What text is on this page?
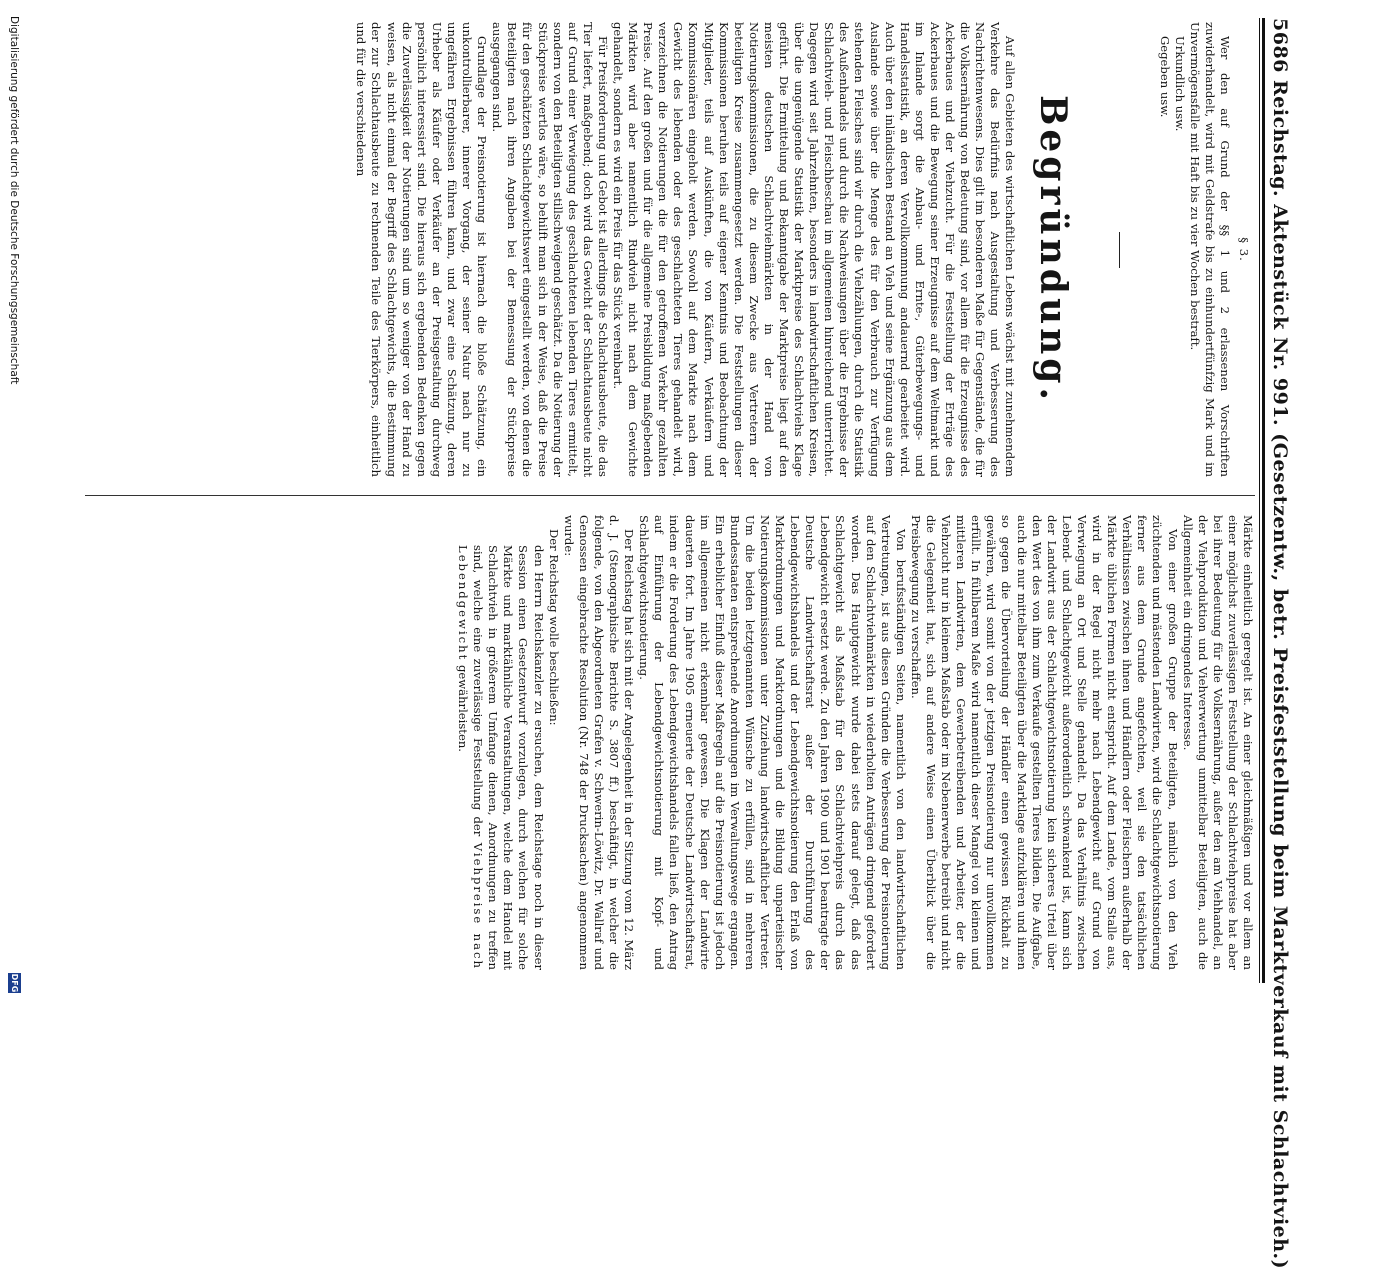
5686 Reichstag. Aktenstück Nr. 991. (Gesetzentw., betr. Preisfeststellung beim Marktverkauf mit Schlachtvieh.)

§ 3.

Wer den auf Grund der §§ 1 und 2 erlassenen Vorschriften zuwiderhandelt, wird mit Geldstrafe bis zu einhundertfünfzig Mark und im Unvermögensfalle mit Haft bis zu vier Wochen bestraft.

Urkundlich usw.

Gegeben usw.

Begründung.

Auf allen Gebieten des wirtschaftlichen Lebens wächst mit zunehmendem Verkehre das Bedürfnis nach Ausgestaltung und Verbesserung des Nachrichtenwesens. Dies gilt im besonderen Maße für Gegenstände, die für die Volksernährung von Bedeutung sind, vor allem für die Erzeugnisse des Ackerbaues und der Viehzucht. Für die Feststellung der Erträge des Ackerbaues und die Bewegung seiner Erzeugnisse auf dem Weltmarkt und im Inlande sorgt die Anbau- und Ernte-, Güterbewegungs- und Handelsstatistik, an deren Vervollkommnung andauernd gearbeitet wird. Auch über den inländischen Bestand an Vieh und seine Ergänzung aus dem Auslande sowie über die Menge des für den Verbrauch zur Verfügung stehenden Fleisches sind wir durch die Viehzählungen, durch die Statistik des Außenhandels und durch die Nachweisungen über die Ergebnisse der Schlachtvieh- und Fleischbeschau im allgemeinen hinreichend unterrichtet. Dagegen wird seit Jahrzehnten, besonders in landwirtschaftlichen Kreisen, über die ungenügende Statistik der Marktpreise des Schlachtviehs Klage geführt. Die Ermittelung und Bekanntgabe der Marktpreise liegt auf den meisten deutschen Schlachtviehmärkten in der Hand von Notierungskommissionen, die zu diesem Zwecke aus Vertretern der beteiligten Kreise zusammengesetzt werden. Die Feststellungen dieser Kommissionen beruhen teils auf eigener Kenntnis und Beobachtung der Mitglieder, teils auf Auskünften, die von Käufern, Verkäufern und Kommissionären eingeholt werden. Sowohl auf dem Markte nach dem Gewicht des lebenden oder des geschlachteten Tieres gehandelt wird, verzeichnen die Notierungen die für den getroffenen Verkehr gezahlten Preise. Auf den großen und für die allgemeine Preisbildung maßgebenden Märkten wird aber namentlich Rindvieh nicht nach dem Gewichte gehandelt, sondern es wird ein Preis für das Stück vereinbart.

Für Preisforderung und Gebot ist allerdings die Schlachtausbeute, die das Tier liefert, maßgebend; doch wird das Gewicht der Schlachtausbeute nicht auf Grund einer Verwiegung des geschlachteten lebenden Tieres ermittelt, sondern von den Beteiligten stillschweigend geschätzt. Da die Notierung der Stückpreise wertlos wäre, so behilft man sich in der Weise, daß die Preise für den geschätzten Schlachtgewichtswert eingestellt werden, von denen die Beteiligten nach ihren Angaben bei der Bemessung der Stückpreise ausgegangen sind.

Grundlage der Preisnotierung ist hiernach die bloße Schätzung, ein unkontrollierbarer, innerer Vorgang, der seiner Natur nach nur zu ungefähren Ergebnissen führen kann, und zwar eine Schätzung, deren Urheber als Käufer oder Verkäufer an der Preisgestaltung durchweg persönlich interessiert sind. Die hieraus sich ergebenden Bedenken gegen die Zuverlässigkeit der Notierungen sind um so weniger von der Hand zu weisen, als nicht einmal der Begriff des Schlachtgewichts, die Bestimmung der zur Schlachtausbeute zu rechnenden Teile des Tierkörpers, einheitlich und für die verschiedenen

Märkte einheitlich geregelt ist. An einer gleichmäßigen und vor allem an einer möglichst zuverlässigen Feststellung der Schlachtviehpreise hat aber bei ihrer Bedeutung für die Volksernährung, außer den am Viehhandel, an der Viehproduktion und Viehverwertung unmittelbar Beteiligten, auch die Allgemeinheit ein dringendes Interesse.

Von einer großen Gruppe der Beteiligten, nämlich von den Vieh züchtenden und mästenden Landwirten, wird die Schlachtgewichtsnotierung ferner aus dem Grunde angefochten, weil sie den tatsächlichen Verhältnissen zwischen ihnen und Händlern oder Fleischern außerhalb der Märkte üblichen Formen nicht entspricht. Auf dem Lande, vom Stalle aus, wird in der Regel nicht mehr nach Lebendgewicht auf Grund von Verwiegung an Ort und Stelle gehandelt. Da das Verhältnis zwischen Lebend- und Schlachtgewicht außerordentlich schwankend ist, kann sich der Landwirt aus der Schlachtgewichtsnotierung kein sicheres Urteil über den Wert des von ihm zum Verkaufe gestellten Tieres bilden. Die Aufgabe, auch die nur mittelbar Beteiligten über die Marktlage aufzuklären und ihnen so gegen die Übervorteilung der Händler einen gewissen Rückhalt zu gewähren, wird somit von der jetzigen Preisnotierung nur unvollkommen erfüllt. In fühlbarem Maße wird namentlich dieser Mangel von kleinen und mittleren Landwirten, dem Gewerbetreibenden und Arbeiter, der die Viehzucht nur in kleinem Maßstab oder im Nebenerwerbe betreibt und nicht die Gelegenheit hat, sich auf andere Weise einen Überblick über die Preisbewegung zu verschaffen.

Von berufsständigen Seiten, namentlich von den landwirtschaftlichen Vertretungen, ist aus diesen Gründen die Verbesserung der Preisnotierung auf den Schlachtviehmärkten in wiederholten Anträgen dringend gefordert worden. Das Hauptgewicht wurde dabei stets darauf gelegt, daß das Schlachtgewicht als Maßstab für den Schlachtviehpreis durch das Lebendgewicht ersetzt werde. Zu den Jahren 1900 und 1901 beantragte der Deutsche Landwirtschaftsrat außer der Durchführung des Lebendgewichtshandels und der Lebendgewichtsnotierung den Erlaß von Marktordnungen und Marktordnungen und die Bildung unparteiischer Notierungskommissionen unter Zuziehung landwirtschaftlicher Vertreter. Um die beiden letztgenannten Wünsche zu erfüllen, sind in mehreren Bundesstaaten entsprechende Anordnungen im Verwaltungswege ergangen. Ein erheblicher Einfluß dieser Maßregeln auf die Preisnotierung ist jedoch im allgemeinen nicht erkennbar gewesen. Die Klagen der Landwirte dauerten fort. Im Jahre 1905 erneuerte der Deutsche Landwirtschaftsrat, indem er die Forderung des Lebendgewichtshandels fallen ließ, den Antrag auf Einführung der Lebendgewichtsnotierung mit Kopf- und Schlachtgewichtsnotierung.

Der Reichstag hat sich mit der Angelegenheit in der Sitzung vom 12. März d. J. (Stenographische Berichte S. 3807 ff.) beschäftigt, in welcher die folgende, von den Abgeordneten Grafen v. Schwerin-Löwitz, Dr. Wallraf und Genossen eingebrachte Resolution (Nr. 748 der Drucksachen) angenommen wurde:

Der Reichstag wolle beschließen:

den Herrn Reichskanzler zu ersuchen, dem Reichstage noch in dieser Session einen Gesetzentwurf vorzulegen, durch welchen für solche Märkte und marktähnliche Veranstaltungen, welche dem Handel mit Schlachtvieh in größerem Umfange dienen, Anordnungen zu treffen sind, welche eine zuverlässige Feststellung der Viehpreise nach Lebendgewicht gewährleisten.

Digitalisierung gefördert durch die Deutsche Forschungsgemeinschaft
DFG
